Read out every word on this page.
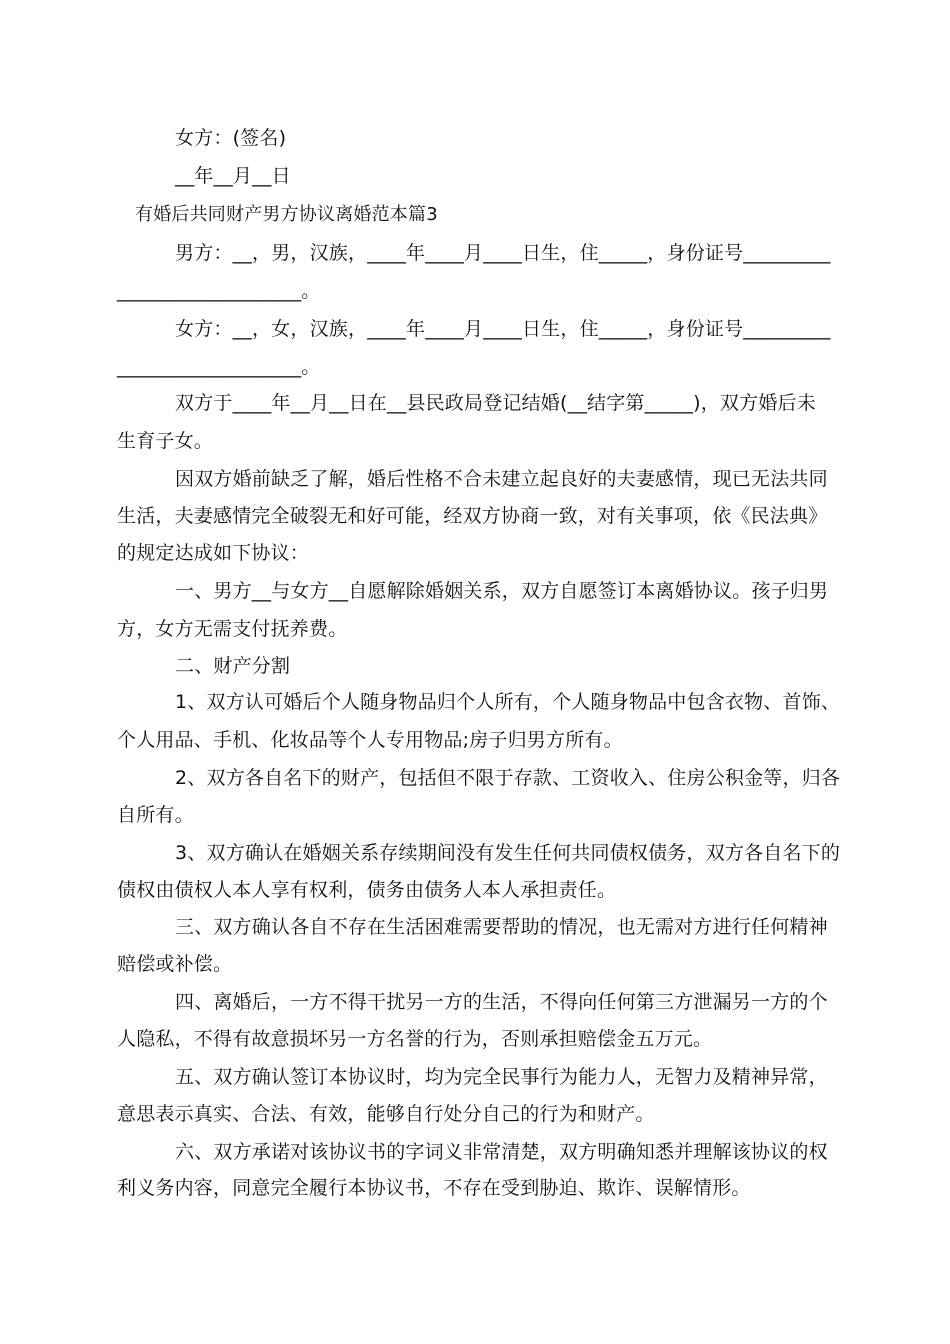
女方：(签名)
__年__月__日
有婚后共同财产男方协议离婚范本篇3
男方：__，男，汉族，____年____月____日生，住_____，身份证号_________
___________________。
女方：__，女，汉族，____年____月____日生，住_____，身份证号_________
___________________。
双方于____年__月__日在__县民政局登记结婚(__结字第_____)，双方婚后未
生育子女。
因双方婚前缺乏了解，婚后性格不合未建立起良好的夫妻感情，现已无法共同
生活，夫妻感情完全破裂无和好可能，经双方协商一致，对有关事项，依《民法典》
的规定达成如下协议：
一、男方__与女方__自愿解除婚姻关系，双方自愿签订本离婚协议。孩子归男
方，女方无需支付抚养费。
二、财产分割
1、双方认可婚后个人随身物品归个人所有，个人随身物品中包含衣物、首饰、
个人用品、手机、化妆品等个人专用物品;房子归男方所有。
2、双方各自名下的财产，包括但不限于存款、工资收入、住房公积金等，归各
自所有。
3、双方确认在婚姻关系存续期间没有发生任何共同债权债务，双方各自名下的
债权由债权人本人享有权利，债务由债务人本人承担责任。
三、双方确认各自不存在生活困难需要帮助的情况，也无需对方进行任何精神
赔偿或补偿。
四、离婚后，一方不得干扰另一方的生活，不得向任何第三方泄漏另一方的个
人隐私，不得有故意损坏另一方名誉的行为，否则承担赔偿金五万元。
五、双方确认签订本协议时，均为完全民事行为能力人，无智力及精神异常，
意思表示真实、合法、有效，能够自行处分自己的行为和财产。
六、双方承诺对该协议书的字词义非常清楚，双方明确知悉并理解该协议的权
利义务内容，同意完全履行本协议书，不存在受到胁迫、欺诈、误解情形。
